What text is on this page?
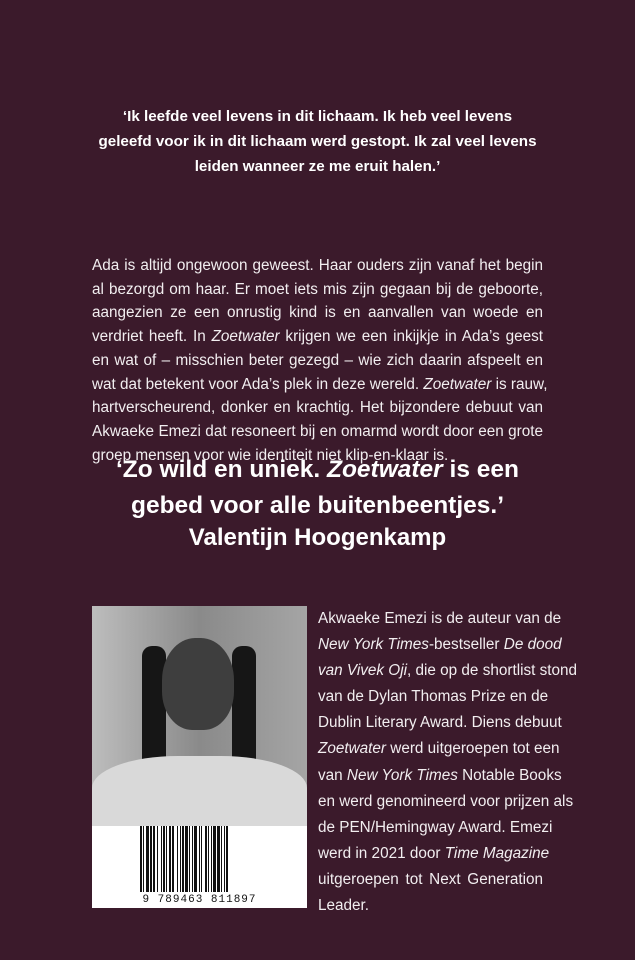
‘Ik leefde veel levens in dit lichaam. Ik heb veel levens
geleefd voor ik in dit lichaam werd gestopt. Ik zal veel levens
leiden wanneer ze me eruit halen.’
Ada is altijd ongewoon geweest. Haar ouders zijn vanaf het begin
al bezorgd om haar. Er moet iets mis zijn gegaan bij de geboorte,
aangezien ze een onrustig kind is en aanvallen van woede en
verdriet heeft. In Zoetwater krijgen we een inkijkje in Ada’s geest
en wat of – misschien beter gezegd – wie zich daarin afspeelt en
wat dat betekent voor Ada’s plek in deze wereld. Zoetwater is rauw,
hartverscheurend, donker en krachtig. Het bijzondere debuut van
Akwaeke Emezi dat resoneert bij en omarmd wordt door een grote
groep mensen voor wie identiteit niet klip-en-klaar is.
‘Zo wild en uniek. Zoetwater is een
gebed voor alle buitenbeentjes.’
Valentijn Hoogenkamp
9 789463 811897
Akwaeke Emezi is de auteur van de
New York Times-bestseller De dood
van Vivek Oji, die op de shortlist stond
van de Dylan Thomas Prize en de
Dublin Literary Award. Diens debuut
Zoetwater werd uitgeroepen tot een
van New York Times Notable Books
en werd genomineerd voor prijzen als
de PEN/Hemingway Award. Emezi
werd in 2021 door Time Magazine
uitgeroepen tot Next Generation
Leader.
